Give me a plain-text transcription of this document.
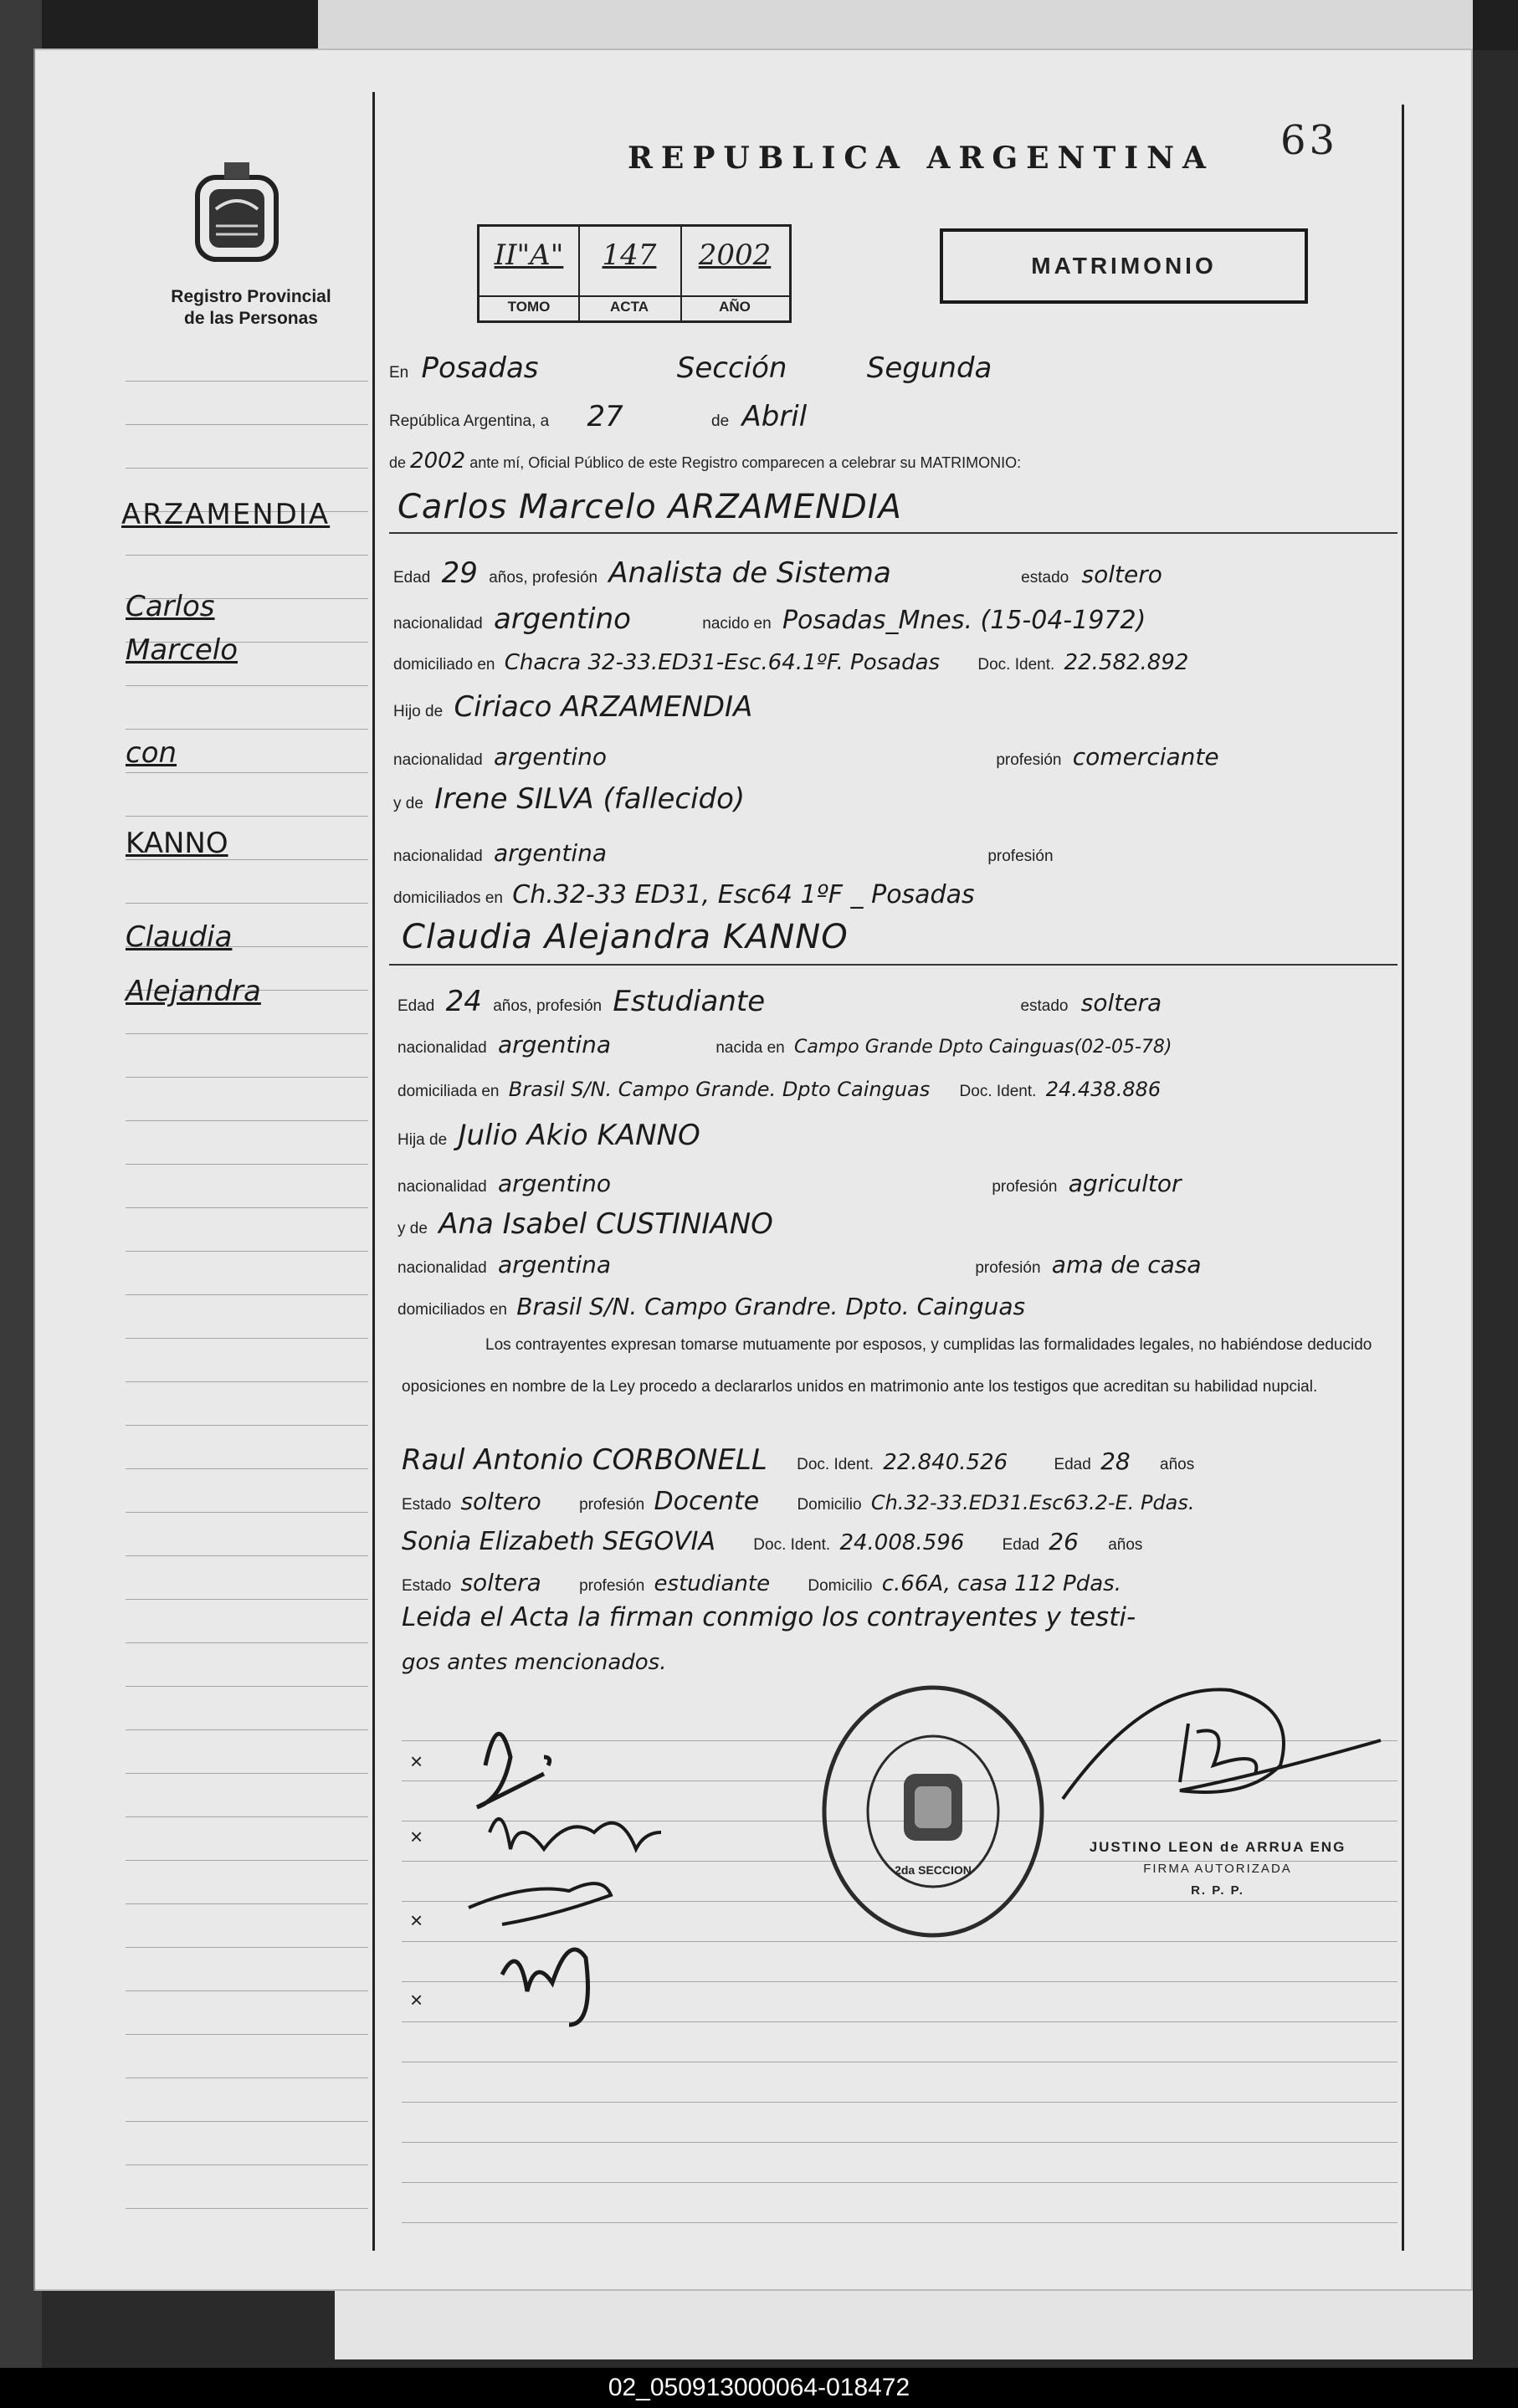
63
REPUBLICA ARGENTINA
Registro Provincial
de las Personas
II"A"
TOMO
147
ACTA
2002
AÑO
MATRIMONIO
En Posadas	Sección	Segunda
República Argentina, a 27	de Abril
de 2002 ante mí, Oficial Público de este Registro comparecen a celebrar su MATRIMONIO:
ARZAMENDIA
Carlos
Marcelo
con
KANNO
Claudia
Alejandra
Carlos Marcelo ARZAMENDIA
Edad 29 años, profesión Analista de Sistema	estado soltero
nacionalidad argentino	nacido en Posadas_Mnes. (15-04-1972)
domiciliado en Chacra 32-33.ED31-Esc.64.1ºF. Posadas Doc. Ident. 22.582.892
Hijo de Ciriaco ARZAMENDIA
nacionalidad argentino	profesión comerciante
y de Irene SILVA (fallecido)
nacionalidad argentina	profesión
domiciliados en Ch.32-33 ED31, Esc64 1ºF _ Posadas
Claudia Alejandra KANNO
Edad 24 años, profesión Estudiante	estado soltera
nacionalidad argentina	nacida en Campo Grande Dpto Cainguas(02-05-78)
domiciliada en Brasil S/N. Campo Grande. Dpto Cainguas Doc. Ident. 24.438.886
Hija de Julio Akio KANNO
nacionalidad argentino	profesión agricultor
y de Ana Isabel CUSTINIANO
nacionalidad argentina	profesión ama de casa
domiciliados en Brasil S/N. Campo Grandre. Dpto. Cainguas
Los contrayentes expresan tomarse mutuamente por esposos, y cumplidas las formalidades legales, no habiéndose deducido oposiciones en nombre de la Ley procedo a declararlos unidos en matrimonio ante los testigos que acreditan su habilidad nupcial.
Raul Antonio CORBONELL Doc. Ident. 22.840.526	Edad 28 años
Estado soltero profesión Docente Domicilio Ch.32-33.ED31.Esc63.2-E. Pdas.
Sonia Elizabeth SEGOVIA Doc. Ident. 24.008.596 Edad 26 años
Estado soltera profesión estudiante Domicilio c.66A, casa 112 Pdas.
Leida el Acta la firman conmigo los contrayentes y testi-
gos antes mencionados.
×
×
×
×
2da SECCION
JUSTINO LEON de ARRUA ENG
FIRMA AUTORIZADA
R. P. P.
02_050913000064-018472
